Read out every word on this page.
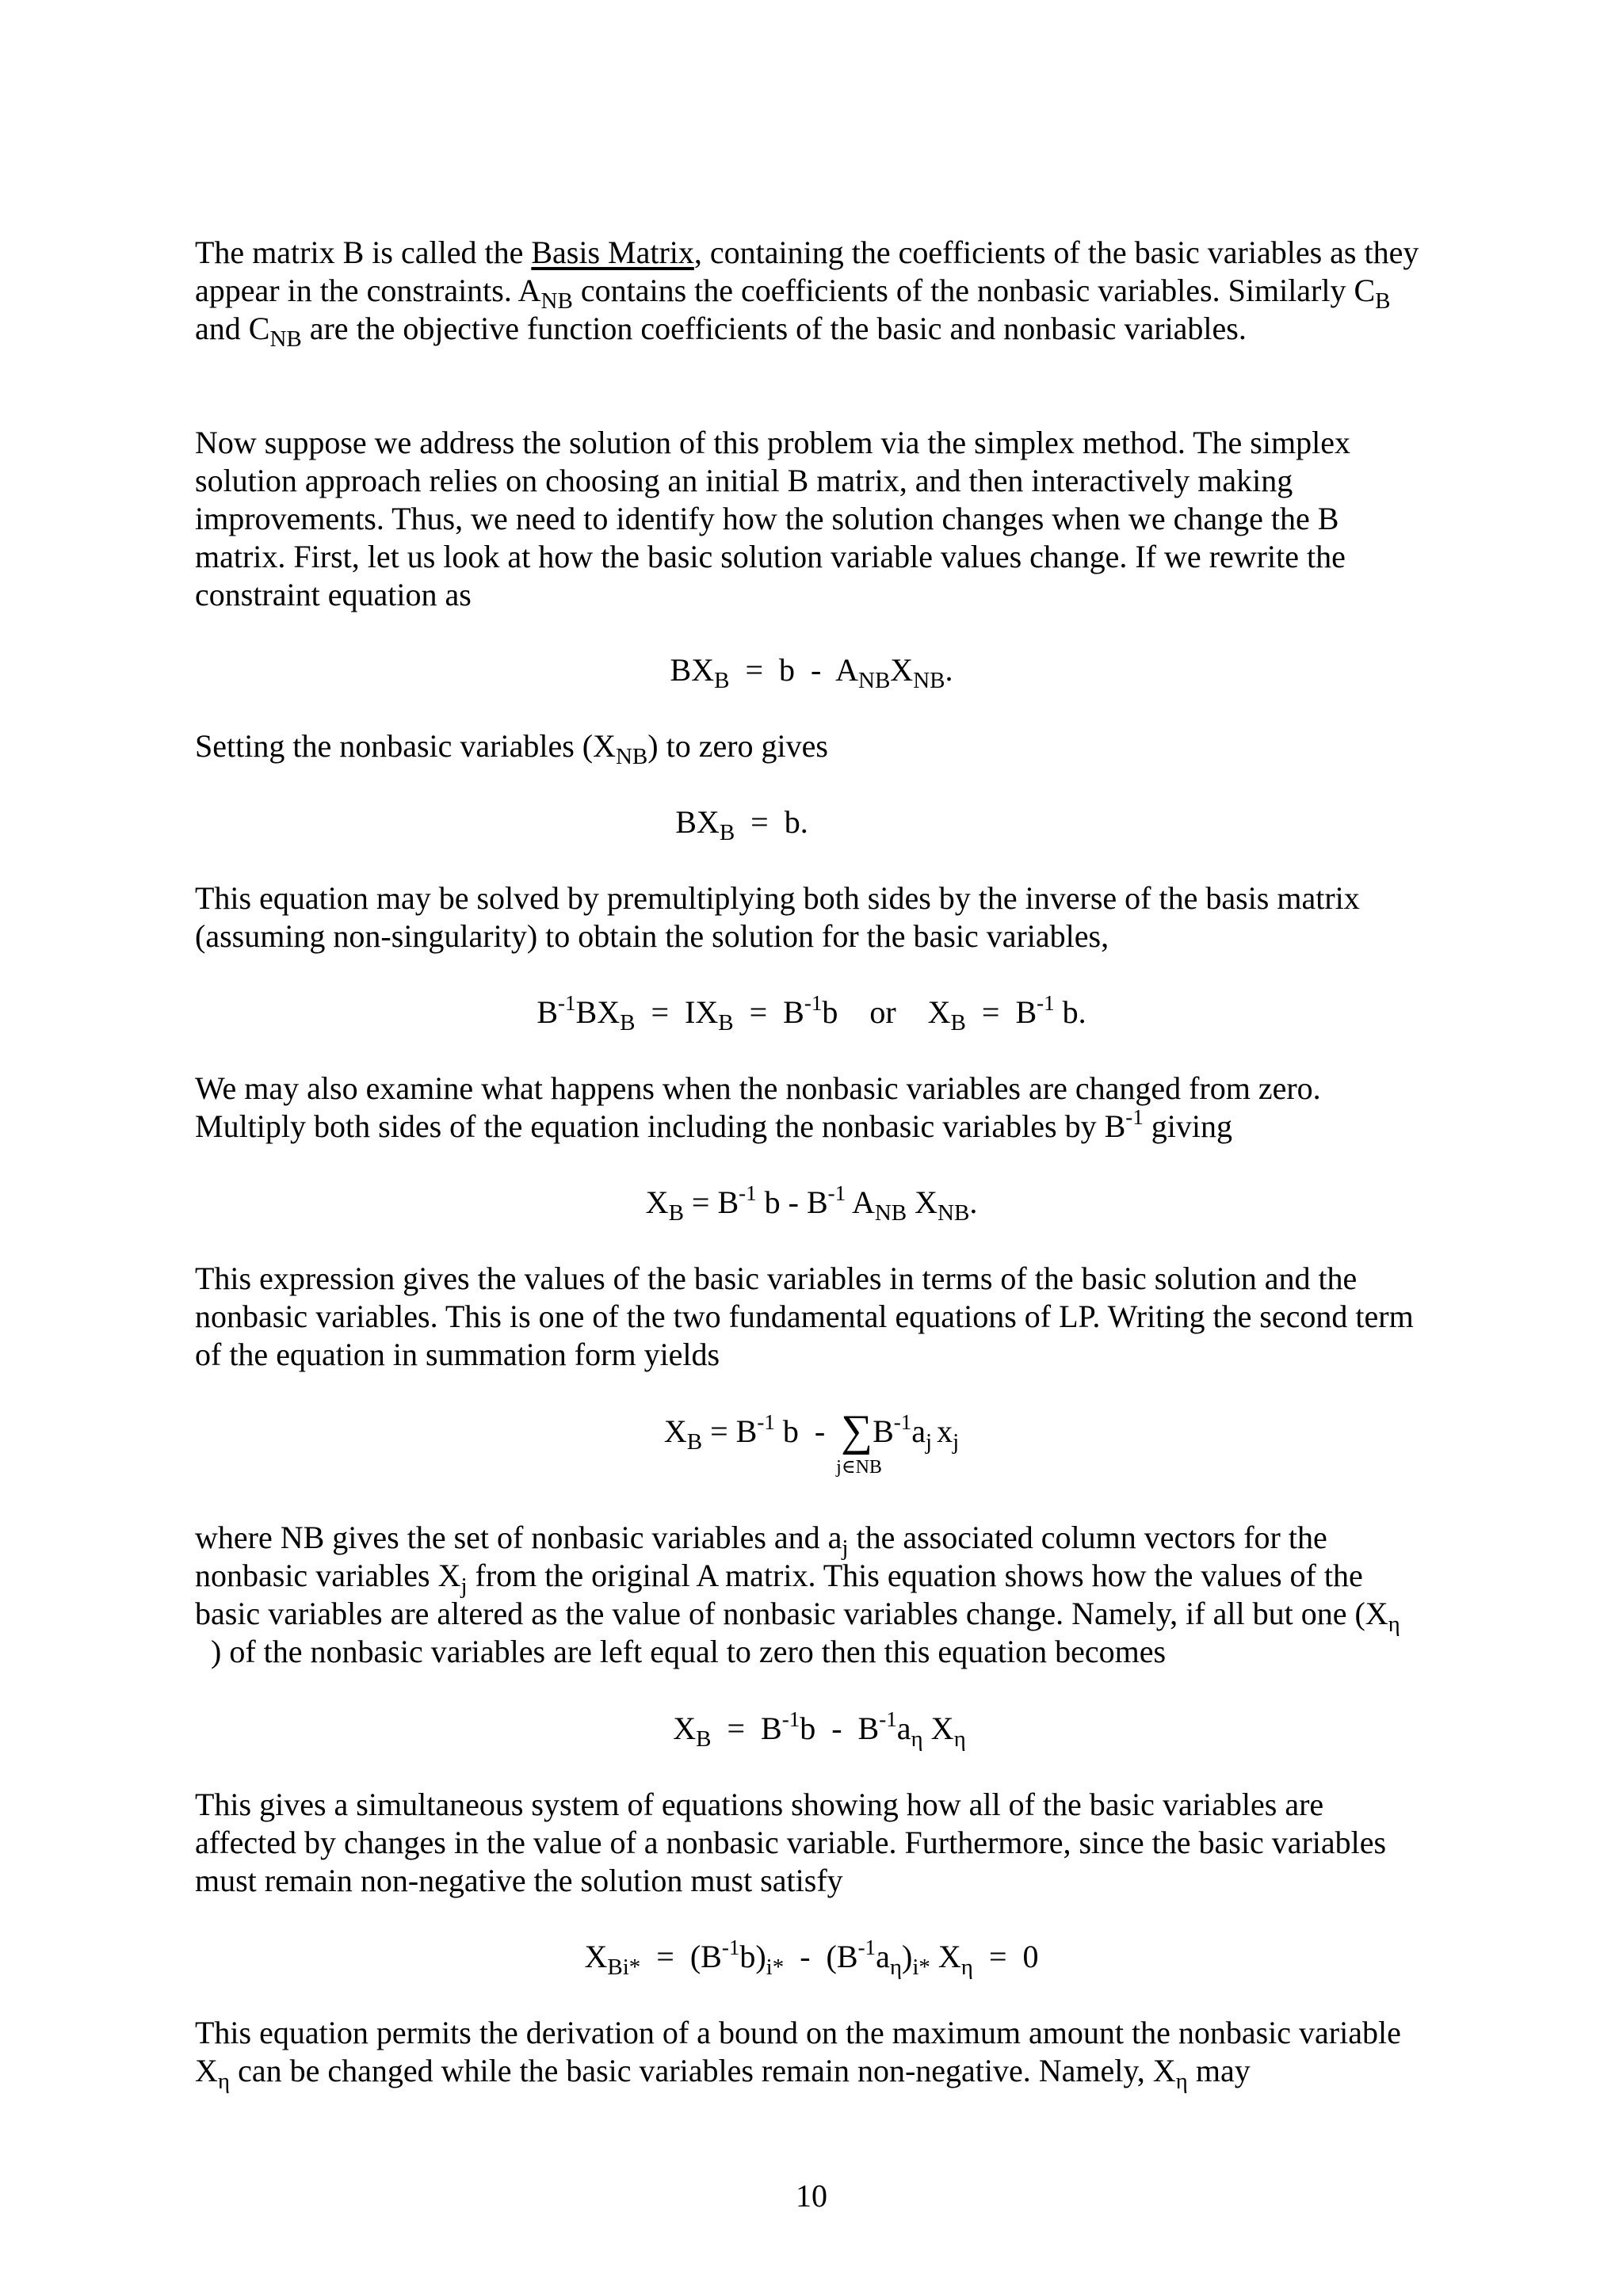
The matrix B is called the Basis Matrix, containing the coefficients of the basic variables as they appear in the constraints. $A_{NB}$ contains the coefficients of the nonbasic variables. Similarly $C_B$ and $C_{NB}$ are the objective function coefficients of the basic and nonbasic variables.

Now suppose we address the solution of this problem via the simplex method. The simplex solution approach relies on choosing an initial B matrix, and then interactively making improvements. Thus, we need to identify how the solution changes when we change the B matrix. First, let us look at how the basic solution variable values change. If we rewrite the constraint equation as

$BX_B = b - A_{NB}X_{NB}$.

Setting the nonbasic variables $(X_{NB})$ to zero gives

$BX_B = b$.

This equation may be solved by premultiplying both sides by the inverse of the basis matrix (assuming non-singularity) to obtain the solution for the basic variables,

$B^{-1}BX_B = IX_B = B^{-1}b$    or    $X_B = B^{-1}$ b.

We may also examine what happens when the nonbasic variables are changed from zero. Multiply both sides of the equation including the nonbasic variables by $B^{-1}$ giving

$X_B = B^{-1}$ b - $B^{-1}$ $A_{NB}$ $X_{NB}$.

This expression gives the values of the basic variables in terms of the basic solution and the nonbasic variables. This is one of the two fundamental equations of LP. Writing the second term of the equation in summation form yields

$X_B = B^{-1}$ b  -  ∑
j∈NB
$B^{-1}a_j$ $x_j$

where NB gives the set of nonbasic variables and $a_j$ the associated column vectors for the nonbasic variables $X_j$ from the original A matrix. This equation shows how the values of the basic variables are altered as the value of nonbasic variables change. Namely, if all but one ($X_\eta$  ) of the nonbasic variables are left equal to zero then this equation becomes

$X_B = B^{-1}b - B^{-1}a_\eta$ $X_\eta$

This gives a simultaneous system of equations showing how all of the basic variables are affected by changes in the value of a nonbasic variable. Furthermore, since the basic variables must remain non-negative the solution must satisfy

$X_{Bi*} = (B^{-1}b)_{i*} - (B^{-1}a_\eta)_{i*}$ $X_\eta = 0$

This equation permits the derivation of a bound on the maximum amount the nonbasic variable $X_\eta$ can be changed while the basic variables remain non-negative. Namely, $X_\eta$ may

10
